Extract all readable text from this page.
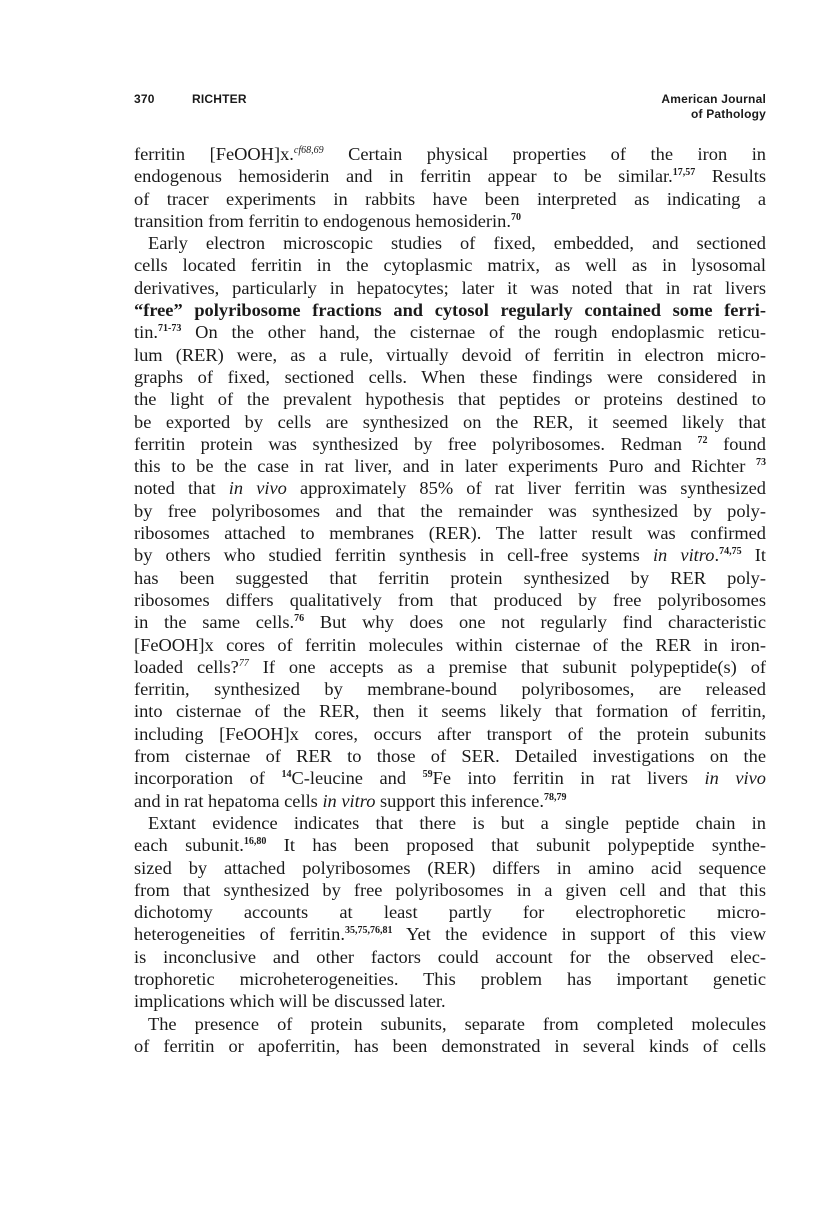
370	RICHTER	American Journal
of Pathology
ferritin [FeOOH]x.$^{cf68,69}$ Certain physical properties of the iron in
endogenous hemosiderin and in ferritin appear to be similar.$^{17,57}$ Results
of tracer experiments in rabbits have been interpreted as indicating a
transition from ferritin to endogenous hemosiderin.$^{70}$
Early electron microscopic studies of fixed, embedded, and sectioned
cells located ferritin in the cytoplasmic matrix, as well as in lysosomal
derivatives, particularly in hepatocytes; later it was noted that in rat livers
“free” polyribosome fractions and cytosol regularly contained some ferri-
tin.$^{71-73}$ On the other hand, the cisternae of the rough endoplasmic reticu-
lum (RER) were, as a rule, virtually devoid of ferritin in electron micro-
graphs of fixed, sectioned cells. When these findings were considered in
the light of the prevalent hypothesis that peptides or proteins destined to
be exported by cells are synthesized on the RER, it seemed likely that
ferritin protein was synthesized by free polyribosomes. Redman $^{72}$ found
this to be the case in rat liver, and in later experiments Puro and Richter $^{73}$
noted that in vivo approximately 85% of rat liver ferritin was synthesized
by free polyribosomes and that the remainder was synthesized by poly-
ribosomes attached to membranes (RER). The latter result was confirmed
by others who studied ferritin synthesis in cell-free systems in vitro.$^{74,75}$ It
has been suggested that ferritin protein synthesized by RER poly-
ribosomes differs qualitatively from that produced by free polyribosomes
in the same cells.$^{76}$ But why does one not regularly find characteristic
[FeOOH]x cores of ferritin molecules within cisternae of the RER in iron-
loaded cells?$^{77}$ If one accepts as a premise that subunit polypeptide(s) of
ferritin, synthesized by membrane-bound polyribosomes, are released
into cisternae of the RER, then it seems likely that formation of ferritin,
including [FeOOH]x cores, occurs after transport of the protein subunits
from cisternae of RER to those of SER. Detailed investigations on the
incorporation of $^{14}$C-leucine and $^{59}$Fe into ferritin in rat livers in vivo
and in rat hepatoma cells in vitro support this inference.$^{78,79}$
Extant evidence indicates that there is but a single peptide chain in
each subunit.$^{16,80}$ It has been proposed that subunit polypeptide synthe-
sized by attached polyribosomes (RER) differs in amino acid sequence
from that synthesized by free polyribosomes in a given cell and that this
dichotomy accounts at least partly for electrophoretic micro-
heterogeneities of ferritin.$^{35,75,76,81}$ Yet the evidence in support of this view
is inconclusive and other factors could account for the observed elec-
trophoretic microheterogeneities. This problem has important genetic
implications which will be discussed later.
The presence of protein subunits, separate from completed molecules
of ferritin or apoferritin, has been demonstrated in several kinds of cells
